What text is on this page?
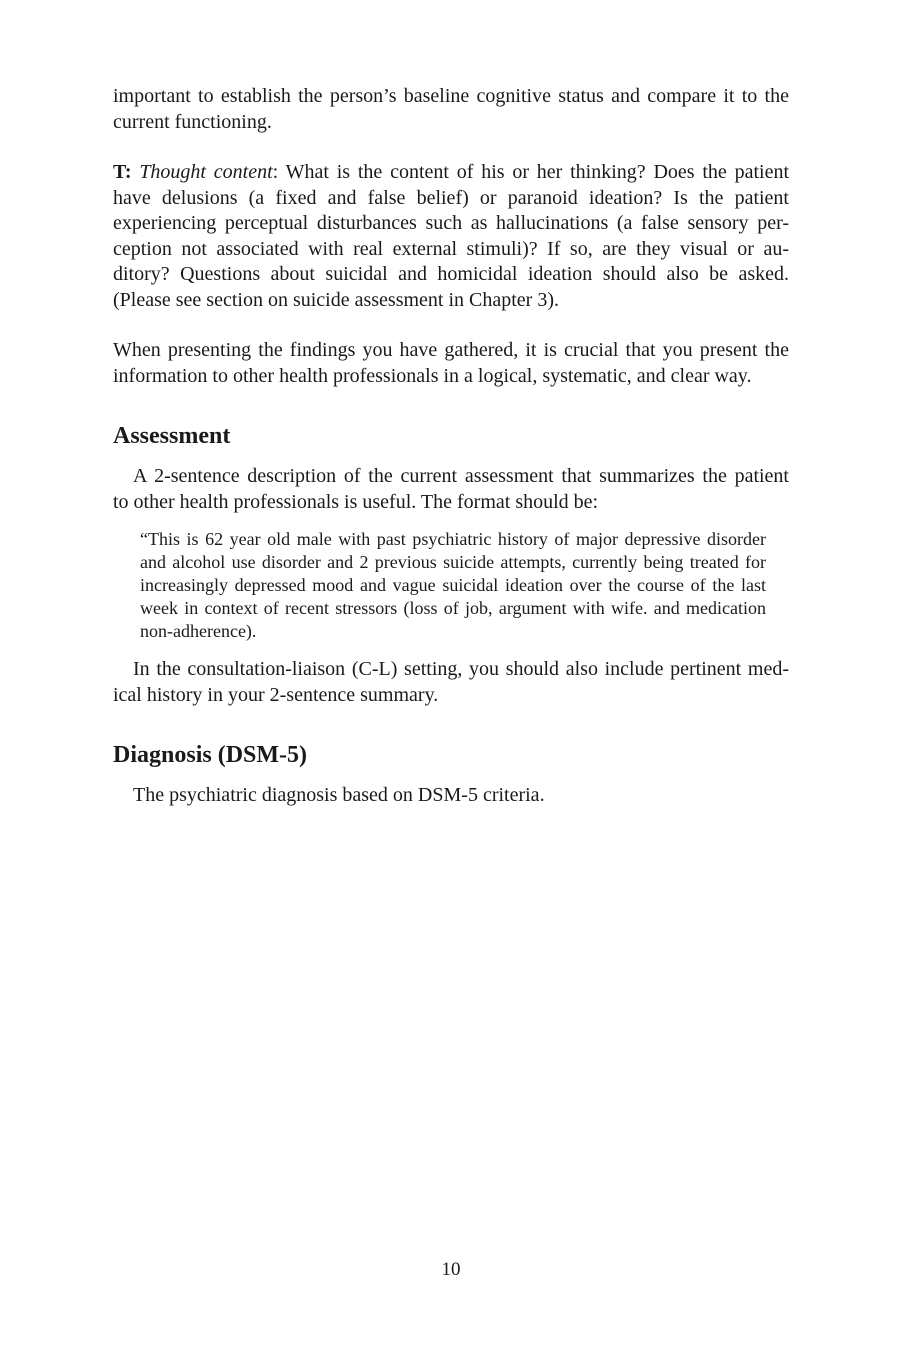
important to establish the person’s baseline cognitive status and compare it to the
current functioning.
T: Thought content: What is the content of his or her thinking? Does the patient
have delusions (a fixed and false belief) or paranoid ideation? Is the patient
experiencing perceptual disturbances such as hallucinations (a false sensory per-
ception not associated with real external stimuli)? If so, are they visual or au-
ditory? Questions about suicidal and homicidal ideation should also be asked.
(Please see section on suicide assessment in Chapter 3).
When presenting the findings you have gathered, it is crucial that you present the
information to other health professionals in a logical, systematic, and clear way.
Assessment
A 2-sentence description of the current assessment that summarizes the patient
to other health professionals is useful. The format should be:
“This is 62 year old male with past psychiatric history of major depressive disorder
and alcohol use disorder and 2 previous suicide attempts, currently being treated for
increasingly depressed mood and vague suicidal ideation over the course of the last
week in context of recent stressors (loss of job, argument with wife. and medication
non-adherence).
In the consultation-liaison (C-L) setting, you should also include pertinent med-
ical history in your 2-sentence summary.
Diagnosis (DSM-5)
The psychiatric diagnosis based on DSM-5 criteria.
10
